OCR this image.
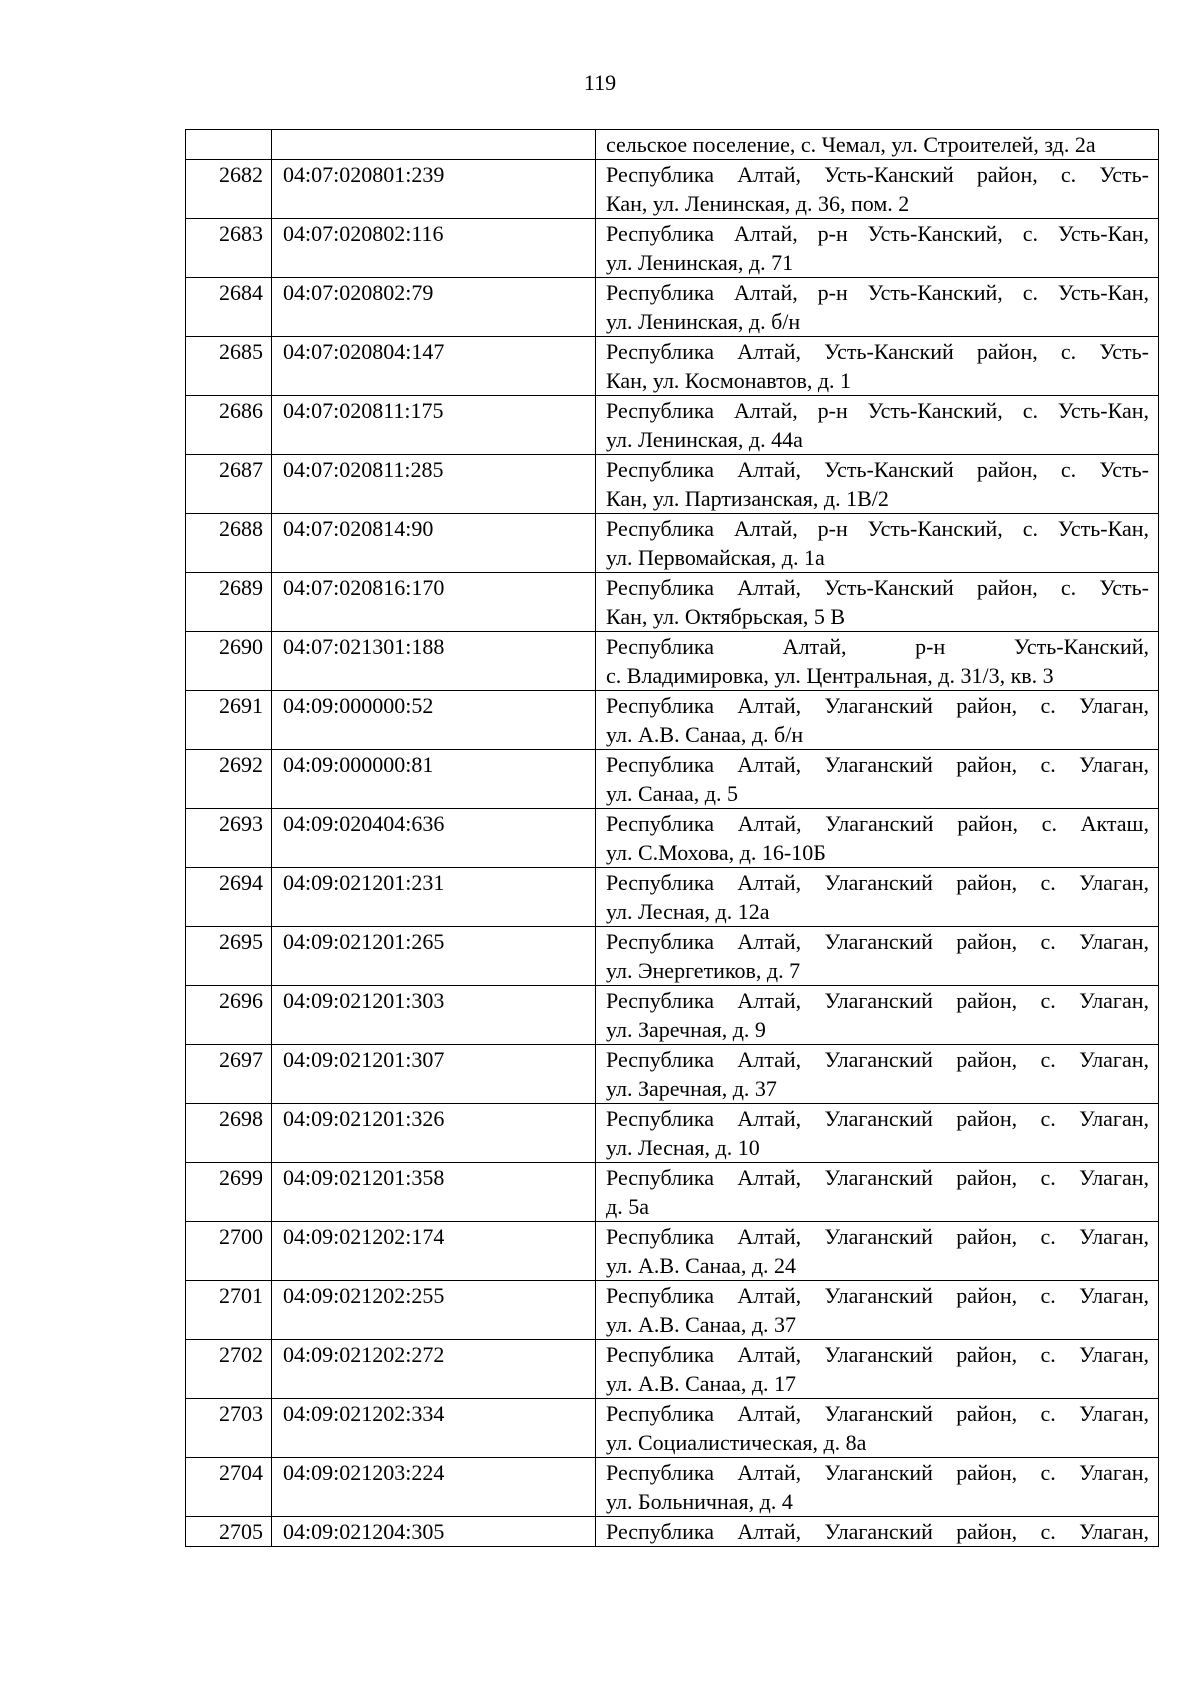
119
		сельское поселение, с. Чемал, ул. Строителей, зд. 2а
2682	04:07:020801:239	Республика Алтай, Усть-Канский район, с. Усть-
Кан, ул. Ленинская, д. 36, пом. 2

2683	04:07:020802:116	Республика Алтай, р-н Усть-Канский, с. Усть-Кан,
ул. Ленинская, д. 71

2684	04:07:020802:79	Республика Алтай, р-н Усть-Канский, с. Усть-Кан,
ул. Ленинская, д. б/н

2685	04:07:020804:147	Республика Алтай, Усть-Канский район, с. Усть-
Кан, ул. Космонавтов, д. 1

2686	04:07:020811:175	Республика Алтай, р-н Усть-Канский, с. Усть-Кан,
ул. Ленинская, д. 44а

2687	04:07:020811:285	Республика Алтай, Усть-Канский район, с. Усть-
Кан, ул. Партизанская, д. 1В/2

2688	04:07:020814:90	Республика Алтай, р-н Усть-Канский, с. Усть-Кан,
ул. Первомайская, д. 1а

2689	04:07:020816:170	Республика Алтай, Усть-Канский район, с. Усть-
Кан, ул. Октябрьская, 5 В

2690	04:07:021301:188	Республика Алтай, р-н Усть-Канский,
с. Владимировка, ул. Центральная, д. 31/3, кв. 3

2691	04:09:000000:52	Республика Алтай, Улаганский район, с. Улаган,
ул. А.В. Санаа, д. б/н

2692	04:09:000000:81	Республика Алтай, Улаганский район, с. Улаган,
ул. Санаа, д. 5

2693	04:09:020404:636	Республика Алтай, Улаганский район, с. Акташ,
ул. С.Мохова, д. 16-10Б

2694	04:09:021201:231	Республика Алтай, Улаганский район, с. Улаган,
ул. Лесная, д. 12а

2695	04:09:021201:265	Республика Алтай, Улаганский район, с. Улаган,
ул. Энергетиков, д. 7

2696	04:09:021201:303	Республика Алтай, Улаганский район, с. Улаган,
ул. Заречная, д. 9

2697	04:09:021201:307	Республика Алтай, Улаганский район, с. Улаган,
ул. Заречная, д. 37

2698	04:09:021201:326	Республика Алтай, Улаганский район, с. Улаган,
ул. Лесная, д. 10

2699	04:09:021201:358	Республика Алтай, Улаганский район, с. Улаган,
д. 5а

2700	04:09:021202:174	Республика Алтай, Улаганский район, с. Улаган,
ул. А.В. Санаа, д. 24

2701	04:09:021202:255	Республика Алтай, Улаганский район, с. Улаган,
ул. А.В. Санаа, д. 37

2702	04:09:021202:272	Республика Алтай, Улаганский район, с. Улаган,
ул. А.В. Санаа, д. 17

2703	04:09:021202:334	Республика Алтай, Улаганский район, с. Улаган,
ул. Социалистическая, д. 8а

2704	04:09:021203:224	Республика Алтай, Улаганский район, с. Улаган,
ул. Больничная, д. 4

2705	04:09:021204:305	Республика Алтай, Улаганский район, с. Улаган,
